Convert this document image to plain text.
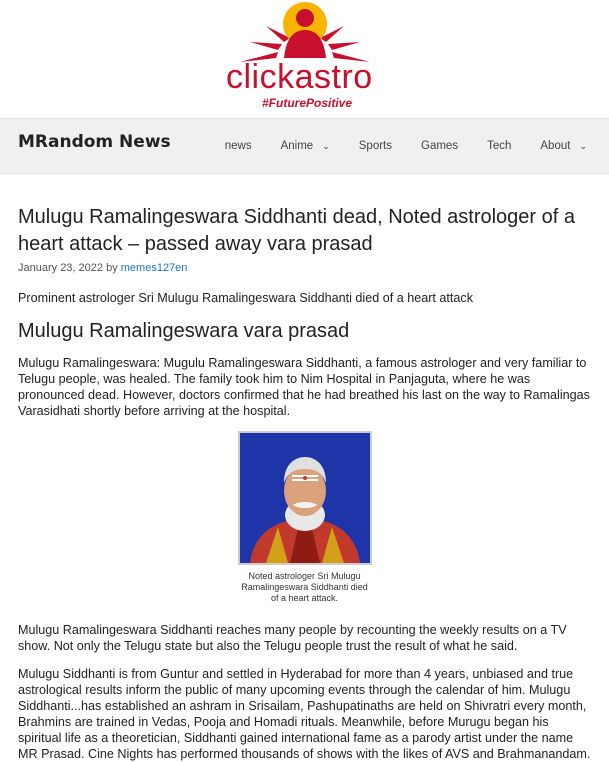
clickastro
#FuturePositive
MRandom News	news	Anime ⌄	Sports	Games	Tech	About ⌄
Mulugu Ramalingeswara Siddhanti dead, Noted astrologer of a heart attack – passed away vara prasad
January 23, 2022 by memes127en

Prominent astrologer Sri Mulugu Ramalingeswara Siddhanti died of a heart attack

Mulugu Ramalingeswara vara prasad

Mulugu Ramalingeswara: Mugulu Ramalingeswara Siddhanti, a famous astrologer and very familiar to Telugu people, was healed. The family took him to Nim Hospital in Panjaguta, where he was pronounced dead. However, doctors confirmed that he had breathed his last on the way to Ramalingas Varasidhati shortly before arriving at the hospital.

Noted astrologer Sri Mulugu Ramalingeswara Siddhanti died of a heart attack.

Mulugu Ramalingeswara Siddhanti reaches many people by recounting the weekly results on a TV show. Not only the Telugu state but also the Telugu people trust the result of what he said.

Mulugu Siddhanti is from Guntur and settled in Hyderabad for more than 4 years, unbiased and true astrological results inform the public of many upcoming events through the calendar of him. Mulugu Siddhanti...has established an ashram in Srisailam, Pashupatinaths are held on Shivratri every month, Brahmins are trained in Vedas, Pooja and Homadi rituals. Meanwhile, before Murugu began his spiritual life as a theoretician, Siddhanti gained international fame as a parody artist under the name MR Prasad. Cine Nights has performed thousands of shows with the likes of AVS and Brahmanandam.
